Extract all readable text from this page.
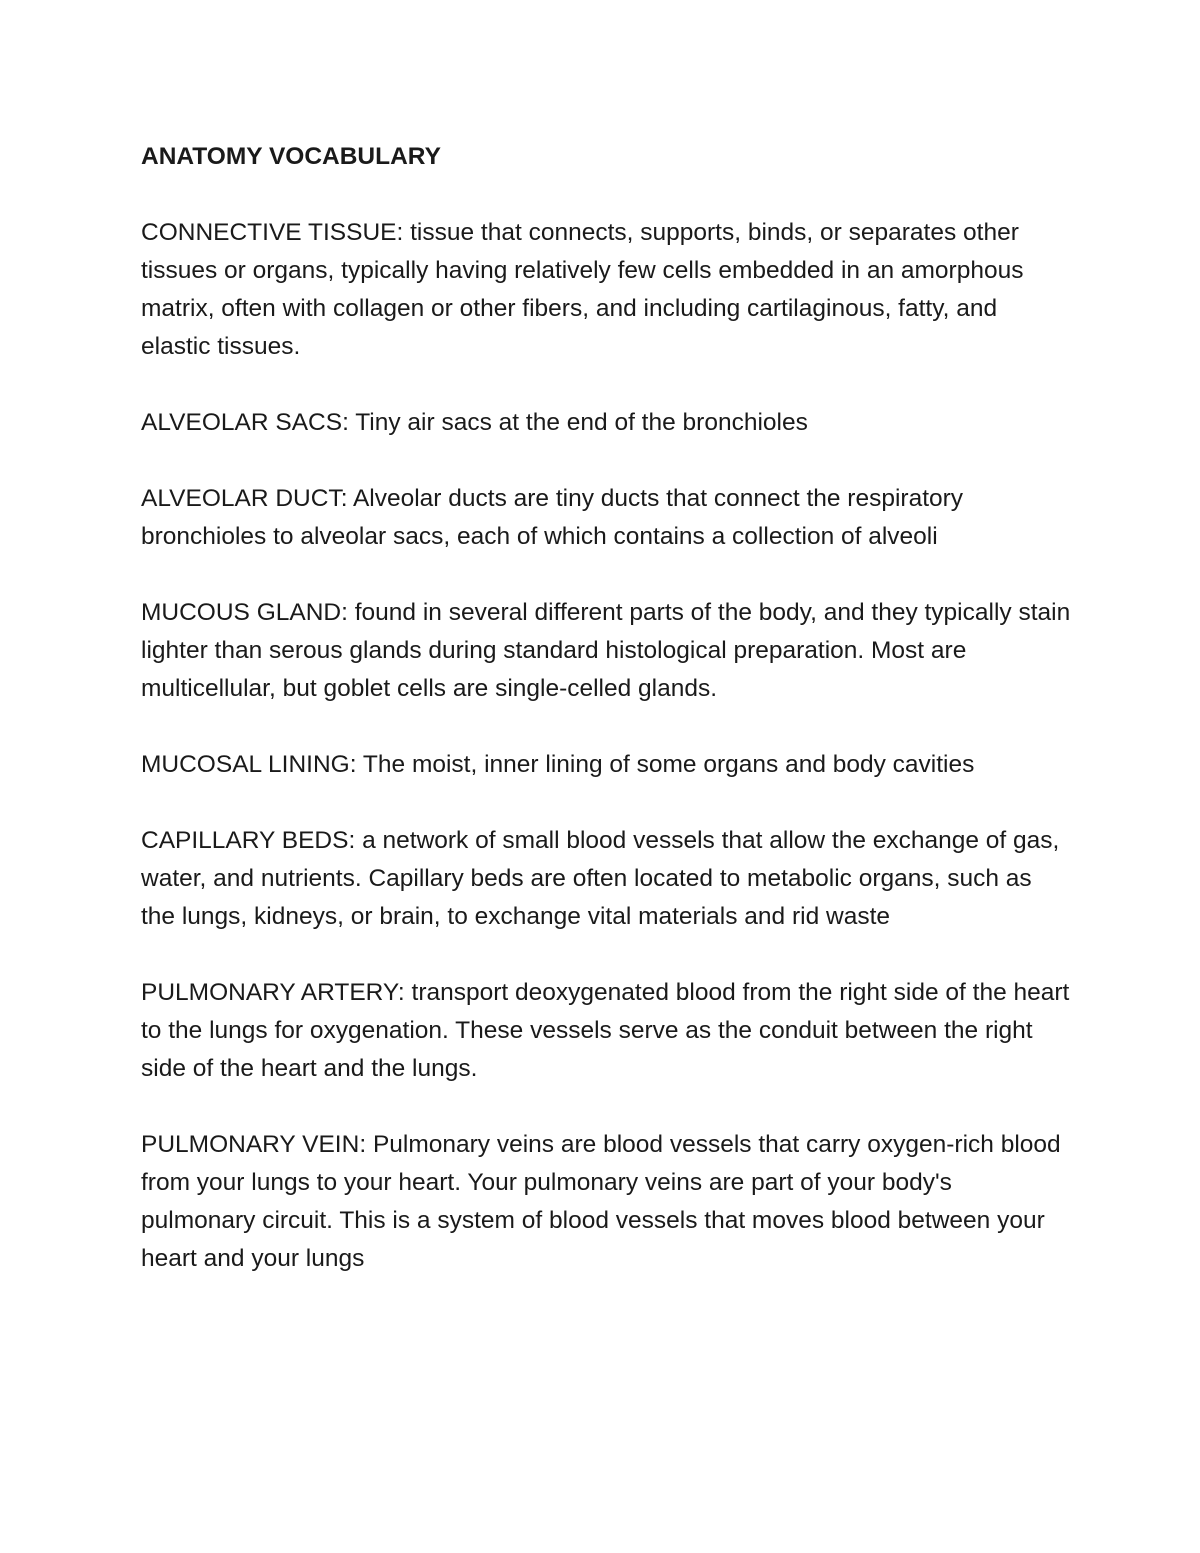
ANATOMY VOCABULARY

CONNECTIVE TISSUE: tissue that connects, supports, binds, or separates other tissues or organs, typically having relatively few cells embedded in an amorphous matrix, often with collagen or other fibers, and including cartilaginous, fatty, and elastic tissues.

ALVEOLAR SACS: Tiny air sacs at the end of the bronchioles

ALVEOLAR DUCT: Alveolar ducts are tiny ducts that connect the respiratory bronchioles to alveolar sacs, each of which contains a collection of alveoli

MUCOUS GLAND: found in several different parts of the body, and they typically stain lighter than serous glands during standard histological preparation. Most are multicellular, but goblet cells are single-celled glands.

MUCOSAL LINING: The moist, inner lining of some organs and body cavities

CAPILLARY BEDS: a network of small blood vessels that allow the exchange of gas, water, and nutrients. Capillary beds are often located to metabolic organs, such as the lungs, kidneys, or brain, to exchange vital materials and rid waste

PULMONARY ARTERY: transport deoxygenated blood from the right side of the heart to the lungs for oxygenation. These vessels serve as the conduit between the right side of the heart and the lungs.

PULMONARY VEIN: Pulmonary veins are blood vessels that carry oxygen-rich blood from your lungs to your heart. Your pulmonary veins are part of your body's pulmonary circuit. This is a system of blood vessels that moves blood between your heart and your lungs
